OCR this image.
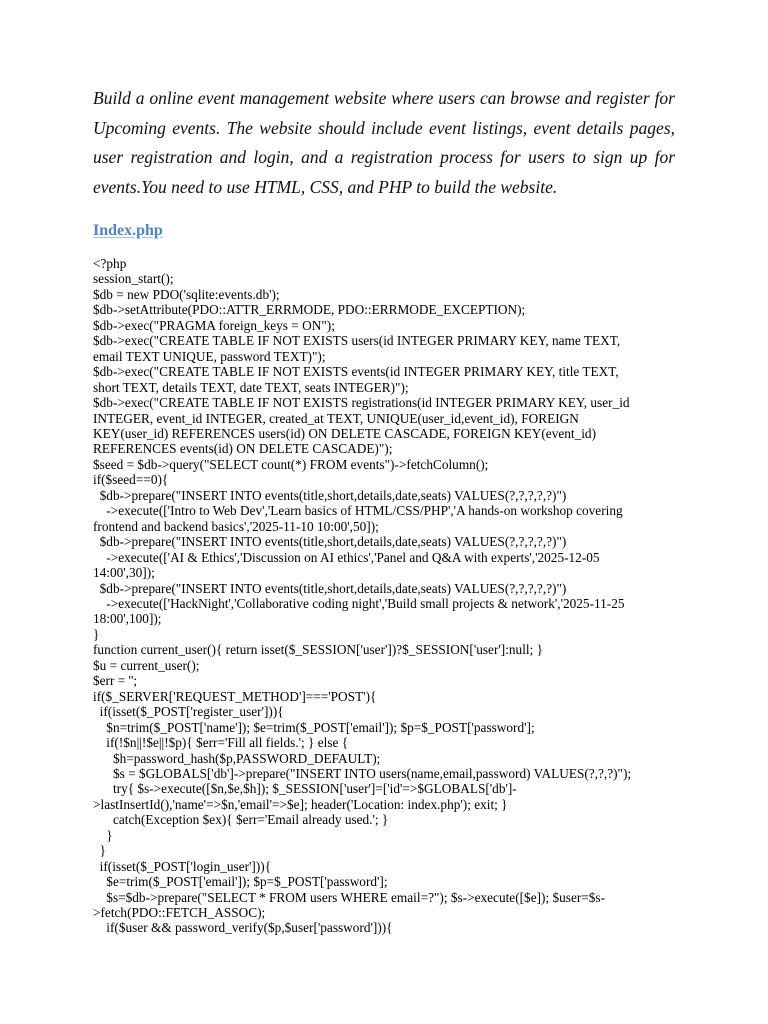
Build a online event management website where users can browse and register for Upcoming events. The website should include event listings, event details pages, user registration and login, and a registration process for users to sign up for events.You need to use HTML, CSS, and PHP to build the website.

Index.php
<?php
session_start();
$db = new PDO('sqlite:events.db');
$db->setAttribute(PDO::ATTR_ERRMODE, PDO::ERRMODE_EXCEPTION);
$db->exec("PRAGMA foreign_keys = ON");
$db->exec("CREATE TABLE IF NOT EXISTS users(id INTEGER PRIMARY KEY, name TEXT,
email TEXT UNIQUE, password TEXT)");
$db->exec("CREATE TABLE IF NOT EXISTS events(id INTEGER PRIMARY KEY, title TEXT,
short TEXT, details TEXT, date TEXT, seats INTEGER)");
$db->exec("CREATE TABLE IF NOT EXISTS registrations(id INTEGER PRIMARY KEY, user_id
INTEGER, event_id INTEGER, created_at TEXT, UNIQUE(user_id,event_id), FOREIGN
KEY(user_id) REFERENCES users(id) ON DELETE CASCADE, FOREIGN KEY(event_id)
REFERENCES events(id) ON DELETE CASCADE)");
$seed = $db->query("SELECT count(*) FROM events")->fetchColumn();
if($seed==0){
$db->prepare("INSERT INTO events(title,short,details,date,seats) VALUES(?,?,?,?,?)")
->execute(['Intro to Web Dev','Learn basics of HTML/CSS/PHP','A hands-on workshop covering
frontend and backend basics','2025-11-10 10:00',50]);
$db->prepare("INSERT INTO events(title,short,details,date,seats) VALUES(?,?,?,?,?)")
->execute(['AI & Ethics','Discussion on AI ethics','Panel and Q&A with experts','2025-12-05
14:00',30]);
$db->prepare("INSERT INTO events(title,short,details,date,seats) VALUES(?,?,?,?,?)")
->execute(['HackNight','Collaborative coding night','Build small projects & network','2025-11-25
18:00',100]);
}
function current_user(){ return isset($_SESSION['user'])?$_SESSION['user']:null; }
$u = current_user();
$err = '';
if($_SERVER['REQUEST_METHOD']==='POST'){
if(isset($_POST['register_user'])){
$n=trim($_POST['name']); $e=trim($_POST['email']); $p=$_POST['password'];
if(!$n||!$e||!$p){ $err='Fill all fields.'; } else {
$h=password_hash($p,PASSWORD_DEFAULT);
$s = $GLOBALS['db']->prepare("INSERT INTO users(name,email,password) VALUES(?,?,?)");
try{ $s->execute([$n,$e,$h]); $_SESSION['user']=['id'=>$GLOBALS['db']-
>lastInsertId(),'name'=>$n,'email'=>$e]; header('Location: index.php'); exit; }
catch(Exception $ex){ $err='Email already used.'; }
}
}
if(isset($_POST['login_user'])){
$e=trim($_POST['email']); $p=$_POST['password'];
$s=$db->prepare("SELECT * FROM users WHERE email=?"); $s->execute([$e]); $user=$s-
>fetch(PDO::FETCH_ASSOC);
if($user && password_verify($p,$user['password'])){
